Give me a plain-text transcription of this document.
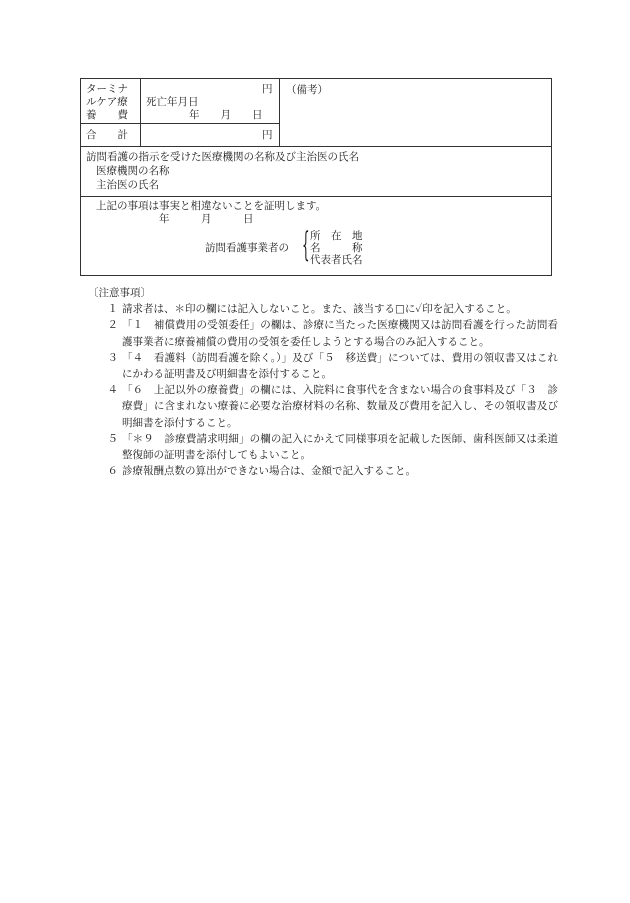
ターミナ
ルケア療
養　　費
円
死亡年月日
年　　月　　日
（備考）
合　　計	円
訪問看護の指示を受けた医療機関の名称及び主治医の氏名
医療機関の名称
主治医の氏名
上記の事項は事実と相違ないことを証明します。
年　　　月　　　日
訪問看護事業者の { 所　在　地
名　　　称
代表者氏名
〔注意事項〕
１ 請求者は、＊印の欄には記入しないこと。また、該当する□に✓印を記入すること。
２ 「１　補償費用の受領委任」の欄は、診療に当たった医療機関又は訪問看護を行った訪問看護事業者に療養補償の費用の受領を委任しようとする場合のみ記入すること。
３ 「４　看護料（訪問看護を除く。）」及び「５　移送費」については、費用の領収書又はこれにかわる証明書及び明細書を添付すること。
４ 「６　上記以外の療養費」の欄には、入院料に食事代を含まない場合の食事料及び「３　診療費」に含まれない療養に必要な治療材料の名称、数量及び費用を記入し、その領収書及び明細書を添付すること。
５ 「＊９　診療費請求明細」の欄の記入にかえて同様事項を記載した医師、歯科医師又は柔道整復師の証明書を添付してもよいこと。
６ 診療報酬点数の算出ができない場合は、金額で記入すること。
